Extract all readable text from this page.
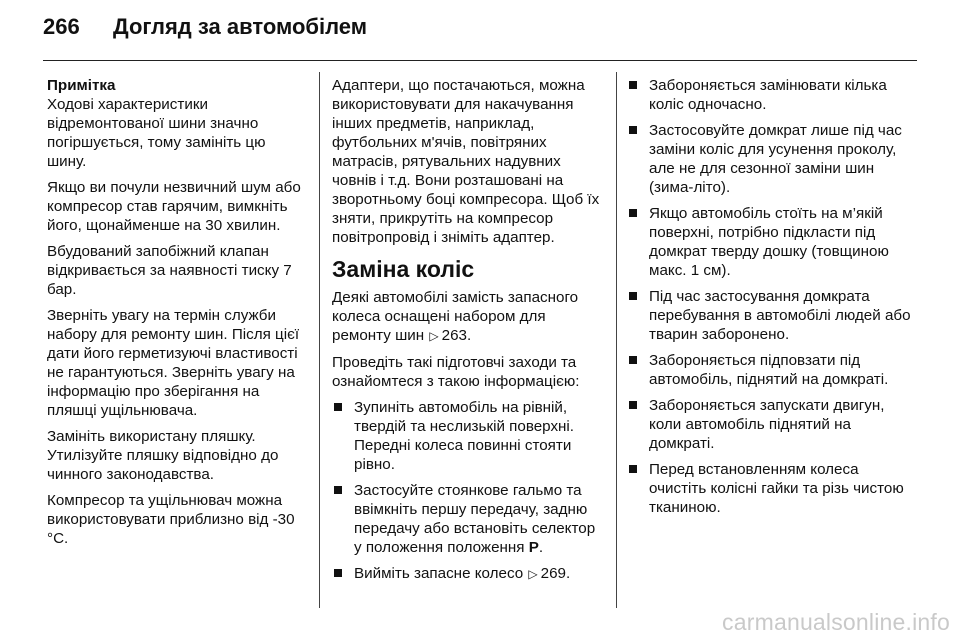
266	Догляд за автомобілем
Примітка

Ходові характеристики відремонтованої шини значно погіршується, тому замініть цю шину.

Якщо ви почули незвичний шум або компресор став гарячим, вимкніть його, щонайменше на 30 хвилин.

Вбудований запобіжний клапан відкривається за наявності тиску 7 бар.

Зверніть увагу на термін служби набору для ремонту шин. Після цієї дати його герметизуючі властивості не гарантуються. Зверніть увагу на інформацію про зберігання на пляшці ущільнювача.

Замініть використану пляшку. Утилізуйте пляшку відповідно до чинного законодавства.

Компресор та ущільнювач можна використовувати приблизно від -30 °C.

Адаптери, що постачаються, можна використовувати для накачування інших предметів, наприклад, футбольних м'ячів, повітряних матрасів, рятувальних надувних човнів і т.д. Вони розташовані на зворотньому боці компресора. Щоб їх зняти, прикрутіть на компресор повітропровід і зніміть адаптер.

Заміна коліс

Деякі автомобілі замість запасного колеса оснащені набором для ремонту шин ▷ 263.

Проведіть такі підготовчі заходи та ознайомтеся з такою інформацією:

Зупиніть автомобіль на рівній, твердій та неслизькій поверхні. Передні колеса повинні стояти рівно.
Застосуйте стоянкове гальмо та ввімкніть першу передачу, задню передачу або встановіть селектор у положення положення P.
Вийміть запасне колесо ▷ 269.
Забороняється замінювати кілька коліс одночасно.
Застосовуйте домкрат лише під час заміни коліс для усунення проколу, але не для сезонної заміни шин (зима-літо).
Якщо автомобіль стоїть на м’якій поверхні, потрібно підкласти під домкрат тверду дошку (товщиною макс. 1 см).
Під час застосування домкрата перебування в автомобілі людей або тварин заборонено.
Забороняється підповзати під автомобіль, піднятий на домкраті.
Забороняється запускати двигун, коли автомобіль піднятий на домкраті.
Перед встановленням колеса очистіть колісні гайки та різь чистою тканиною.
carmanualsonline.info
